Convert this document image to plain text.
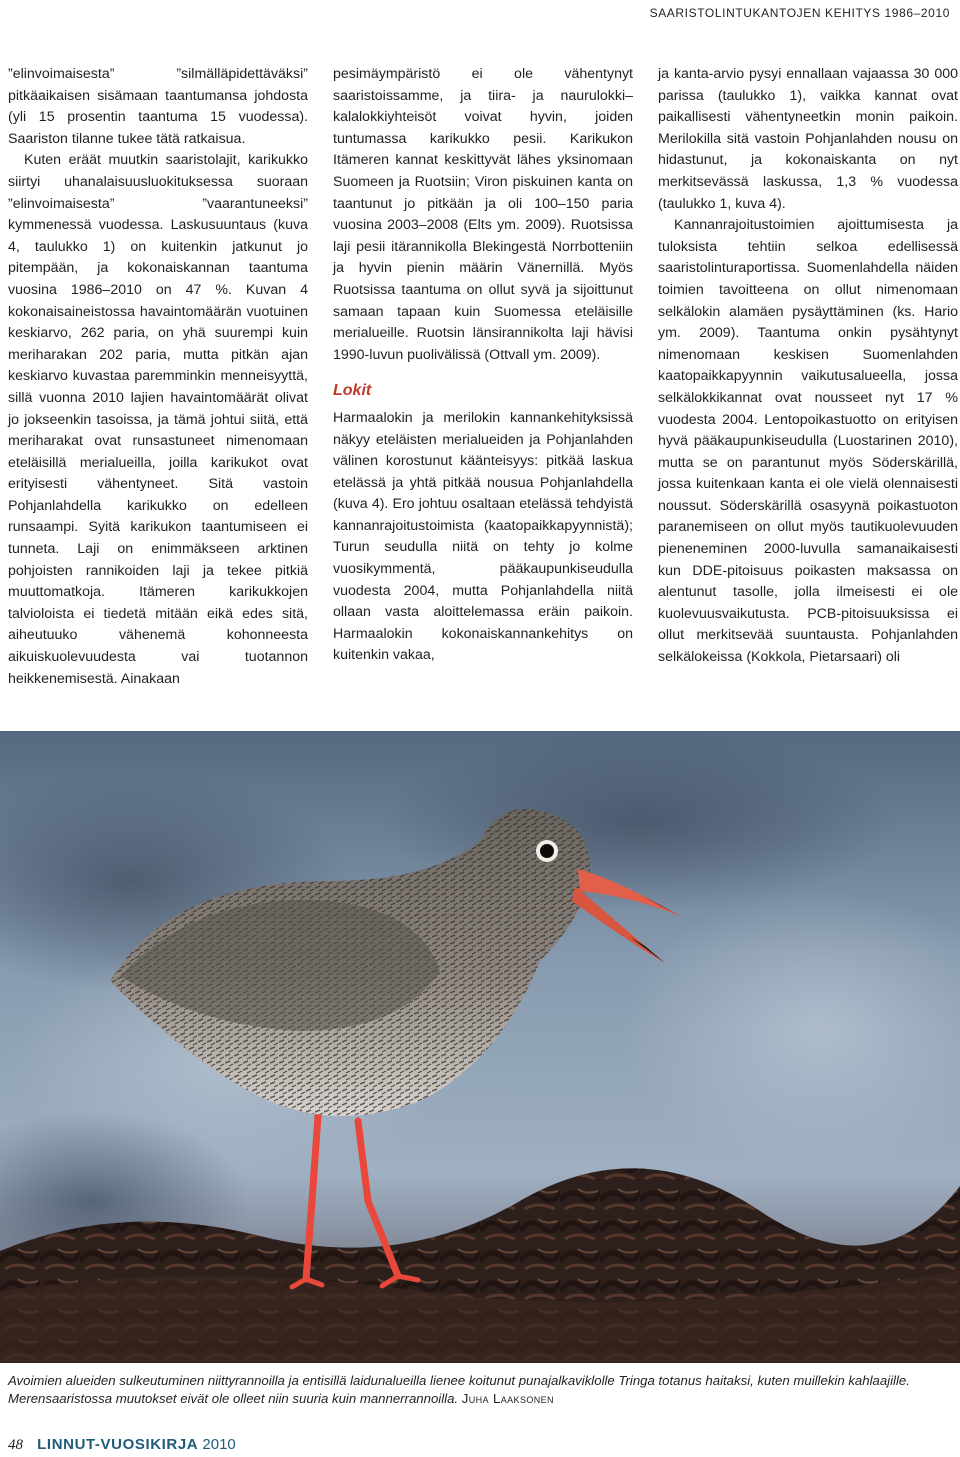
SAARISTOLINTUKANTOJEN KEHITYS 1986–2010

”elinvoimaisesta” ”silmälläpidettäväksi” pitkäaikaisen sisämaan taantumansa johdosta (yli 15 prosentin taantuma 15 vuodessa). Saariston tilanne tukee tätä ratkaisua.

Kuten eräät muutkin saaristolajit, karikukko siirtyi uhanalaisuusluokituksessa suoraan ”elinvoimaisesta” ”vaarantuneeksi” kymmenessä vuodessa. Laskusuuntaus (kuva 4, taulukko 1) on kuitenkin jatkunut jo pitempään, ja kokonaiskannan taantuma vuosina 1986–2010 on 47 %. Kuvan 4 kokonaisaineistossa havaintomäärän vuotuinen keskiarvo, 262 paria, on yhä suurempi kuin meriharakan 202 paria, mutta pitkän ajan keskiarvo kuvastaa paremminkin menneisyyttä, sillä vuonna 2010 lajien havaintomäärät olivat jo jokseenkin tasoissa, ja tämä johtui siitä, että meriharakat ovat runsastuneet nimenomaan eteläisillä merialueilla, joilla karikukot ovat erityisesti vähentyneet. Sitä vastoin Pohjanlahdella karikukko on edelleen runsaampi. Syitä karikukon taantumiseen ei tunneta. Laji on enimmäkseen arktinen pohjoisten rannikoiden laji ja tekee pitkiä muuttomatkoja. Itämeren karikukkojen talvioloista ei tiedetä mitään eikä edes sitä, aiheutuuko vähenemä kohonneesta aikuiskuolevuudesta vai tuotannon heikkenemisestä. Ainakaan

pesimäympäristö ei ole vähentynyt saaristoissamme, ja tiira- ja naurulokki–kalalokkiyhteisöt voivat hyvin, joiden tuntumassa karikukko pesii. Karikukon Itämeren kannat keskittyvät lähes yksinomaan Suomeen ja Ruotsiin; Viron piskuinen kanta on taantunut jo pitkään ja oli 100–150 paria vuosina 2003–2008 (Elts ym. 2009). Ruotsissa laji pesii itärannikolla Blekingestä Norrbotteniin ja hyvin pienin määrin Vänernillä. Myös Ruotsissa taantuma on ollut syvä ja sijoittunut samaan tapaan kuin Suomessa eteläisille merialueille. Ruotsin länsirannikolta laji hävisi 1990-luvun puolivälissä (Ottvall ym. 2009).

Lokit

Harmaalokin ja merilokin kannankehityksissä näkyy eteläisten merialueiden ja Pohjanlahden välinen korostunut käänteisyys: pitkää laskua etelässä ja yhtä pitkää nousua Pohjanlahdella (kuva 4). Ero johtuu osaltaan etelässä tehdyistä kannanrajoitustoimista (kaatopaikkapyynnistä); Turun seudulla niitä on tehty jo kolme vuosikymmentä, pääkaupunkiseudulla vuodesta 2004, mutta Pohjanlahdella niitä ollaan vasta aloittelemassa eräin paikoin. Harmaalokin kokonaiskannankehitys on kuitenkin vakaa,

ja kanta-arvio pysyi ennallaan vajaassa 30 000 parissa (taulukko 1), vaikka kannat ovat paikallisesti vähentyneetkin monin paikoin. Merilokilla sitä vastoin Pohjanlahden nousu on hidastunut, ja kokonaiskanta on nyt merkitsevässä laskussa, 1,3 % vuodessa (taulukko 1, kuva 4).

Kannanrajoitustoimien ajoittumisesta ja tuloksista tehtiin selkoa edellisessä saaristolinturaportissa. Suomenlahdella näiden toimien tavoitteena on ollut nimenomaan selkälokin alamäen pysäyttäminen (ks. Hario ym. 2009). Taantuma onkin pysähtynyt nimenomaan keskisen Suomenlahden kaatopaikkapyynnin vaikutusalueella, jossa selkälokkikannat ovat nousseet nyt 17 % vuodesta 2004. Lentopoikastuotto on erityisen hyvä pääkaupunkiseudulla (Luostarinen 2010), mutta se on parantunut myös Söderskärillä, jossa kuitenkaan kanta ei ole vielä olennaisesti noussut. Söderskärillä osasyynä poikastuoton paranemiseen on ollut myös tautikuolevuuden pieneneminen 2000-luvulla samanaikaisesti kun DDE-pitoisuus poikasten maksassa on alentunut tasolle, jolla ilmeisesti ei ole kuolevuusvaikutusta. PCB-pitoisuuksissa ei ollut merkitsevää suuntausta. Pohjanlahden selkälokeissa (Kokkola, Pietarsaari) oli

Avoimien alueiden sulkeutuminen niittyrannoilla ja entisillä laidunalueilla lienee koitunut punajalkaviklolle Tringa totanus haitaksi, kuten muillekin kahlaajille. Merensaaristossa muutokset eivät ole olleet niin suuria kuin mannerrannoilla. Juha Laaksonen
48 LINNUT-VUOSIKIRJA 2010
